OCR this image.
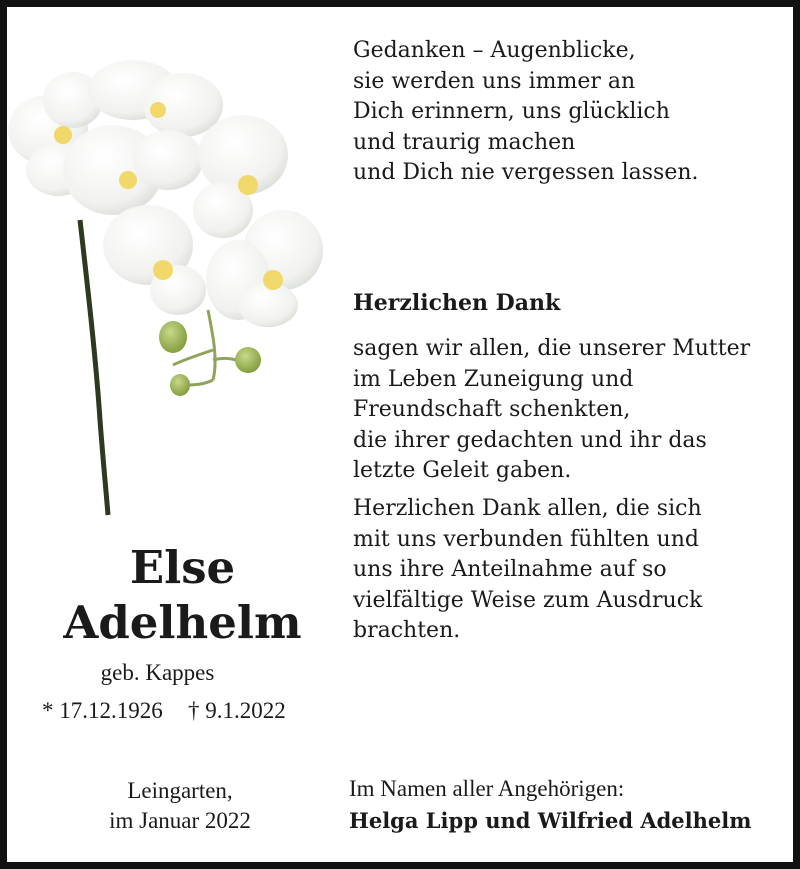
Gedanken – Augenblicke,
sie werden uns immer an
Dich erinnern, uns glücklich
und traurig machen
und Dich nie vergessen lassen.
Herzlichen Dank
sagen wir allen, die unserer Mutter
im Leben Zuneigung und
Freundschaft schenkten,
die ihrer gedachten und ihr das
letzte Geleit gaben.
Herzlichen Dank allen, die sich
mit uns verbunden fühlten und
uns ihre Anteilnahme auf so
vielfältige Weise zum Ausdruck
brachten.
Else
Adelhelm
geb. Kappes
* 17.12.1926 † 9.1.2022
Leingarten,
im Januar 2022
Im Namen aller Angehörigen:
Helga Lipp und Wilfried Adelhelm
